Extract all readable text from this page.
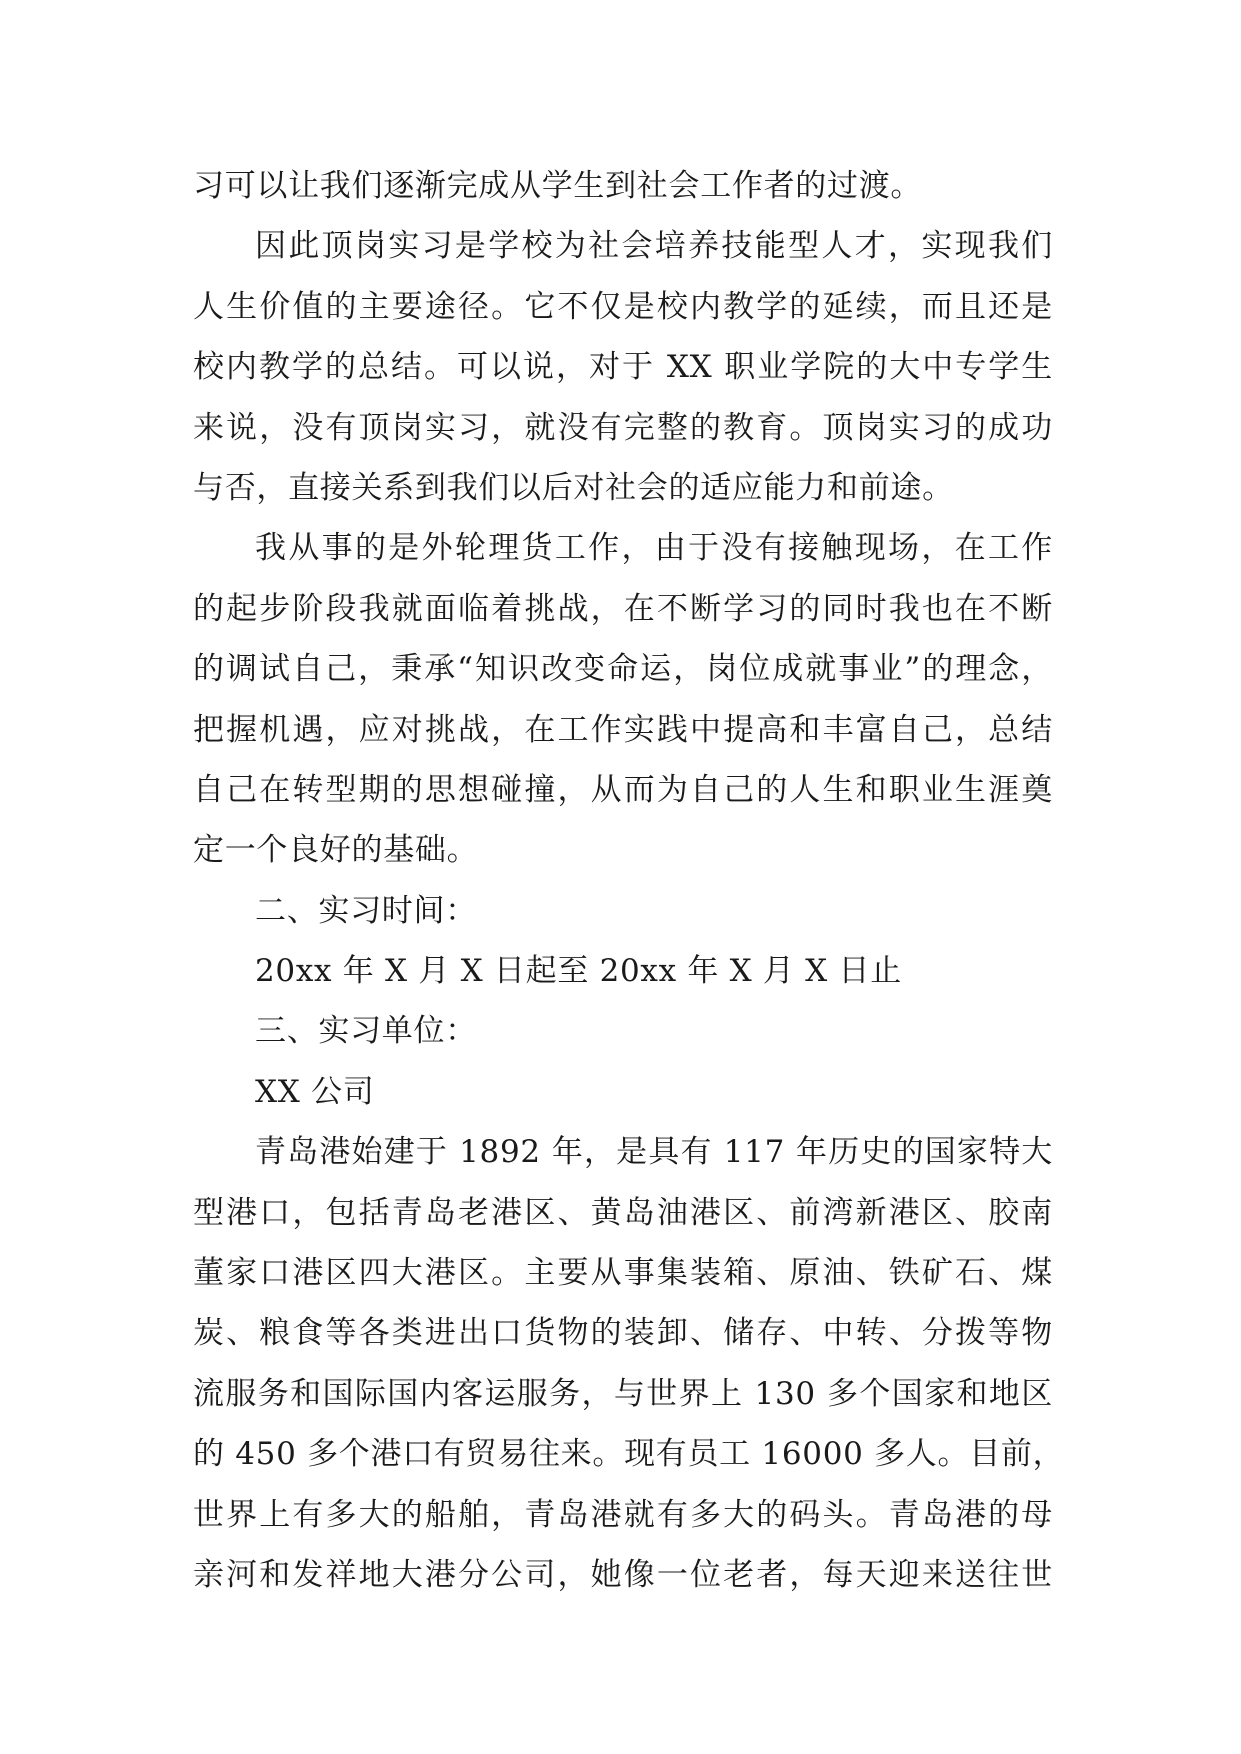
习可以让我们逐渐完成从学生到社会工作者的过渡。
因此顶岗实习是学校为社会培养技能型人才，实现我们
人生价值的主要途径。它不仅是校内教学的延续，而且还是
校内教学的总结。可以说，对于 XX 职业学院的大中专学生
来说，没有顶岗实习，就没有完整的教育。顶岗实习的成功
与否，直接关系到我们以后对社会的适应能力和前途。
我从事的是外轮理货工作，由于没有接触现场，在工作
的起步阶段我就面临着挑战，在不断学习的同时我也在不断
的调试自己，秉承“知识改变命运，岗位成就事业”的理念，
把握机遇，应对挑战，在工作实践中提高和丰富自己，总结
自己在转型期的思想碰撞，从而为自己的人生和职业生涯奠
定一个良好的基础。
二、实习时间：
20xx 年 X 月 X 日起至 20xx 年 X 月 X 日止
三、实习单位：
XX 公司
青岛港始建于 1892 年，是具有 117 年历史的国家特大
型港口，包括青岛老港区、黄岛油港区、前湾新港区、胶南
董家口港区四大港区。主要从事集装箱、原油、铁矿石、煤
炭、粮食等各类进出口货物的装卸、储存、中转、分拨等物
流服务和国际国内客运服务，与世界上 130 多个国家和地区
的 450 多个港口有贸易往来。现有员工 16000 多人。目前，
世界上有多大的船舶，青岛港就有多大的码头。青岛港的母
亲河和发祥地大港分公司，她像一位老者，每天迎来送往世
